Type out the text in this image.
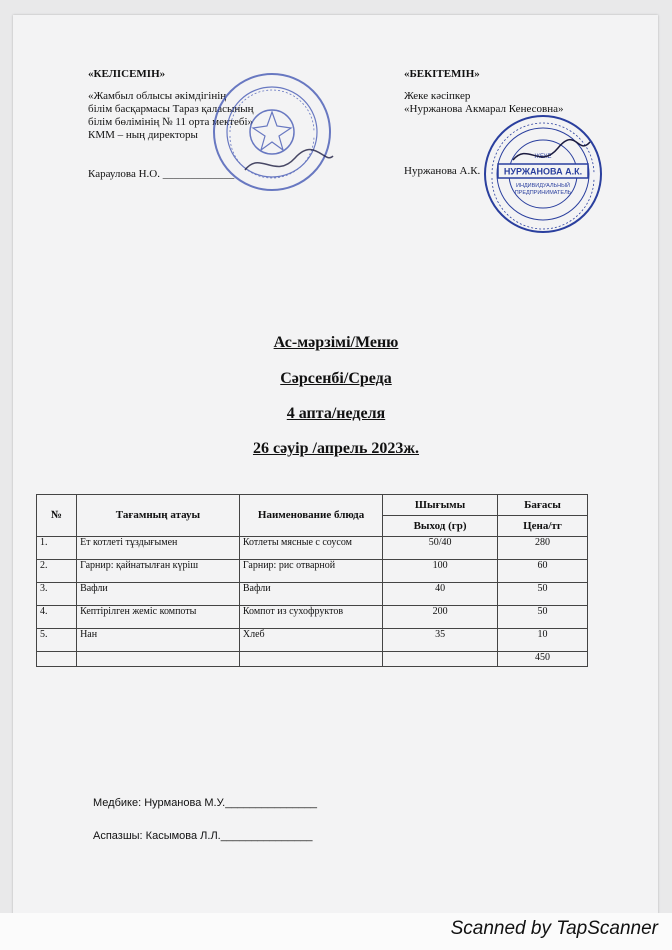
«КЕЛІСЕМІН»
«Жамбыл облысы әкімдігінің
білім басқармасы Тараз қаласының
білім бөлімінің № 11 орта мектебі»
КММ – ның директоры
Караулова Н.О. _____________
«БЕКІТЕМІН»
Жеке кәсіпкер
«Нуржанова Акмарал Кенесовна»
Нуржанова А.К.
ЖЕКЕ
НУРЖАНОВА А.К.
ИНДИВИДУАЛЬНЫЙ
ПРЕДПРИНИМАТЕЛЬ
Ас-мәрзімі/Меню
Сәрсенбі/Среда
4 апта/неделя
26 сәуір /апрель 2023ж.
№	Тағамның атауы	Наименование блюда	Шығымы	Бағасы
			Выход (гр)	Цена/тг
1.	Ет котлеті тұздығымен	Котлеты мясные с соусом	50/40	280
2.	Гарнир: қайнатылған күріш	Гарнир: рис отварной	100	60
3.	Вафли	Вафли	40	50
4.	Кептірілген жеміс компоты	Компот из сухофруктов	200	50
5.	Нан	Хлеб	35	10
				450
Медбике: Нурманова М.У._______________
Аспазшы: Касымова Л.Л._______________
Scanned by TapScanner
